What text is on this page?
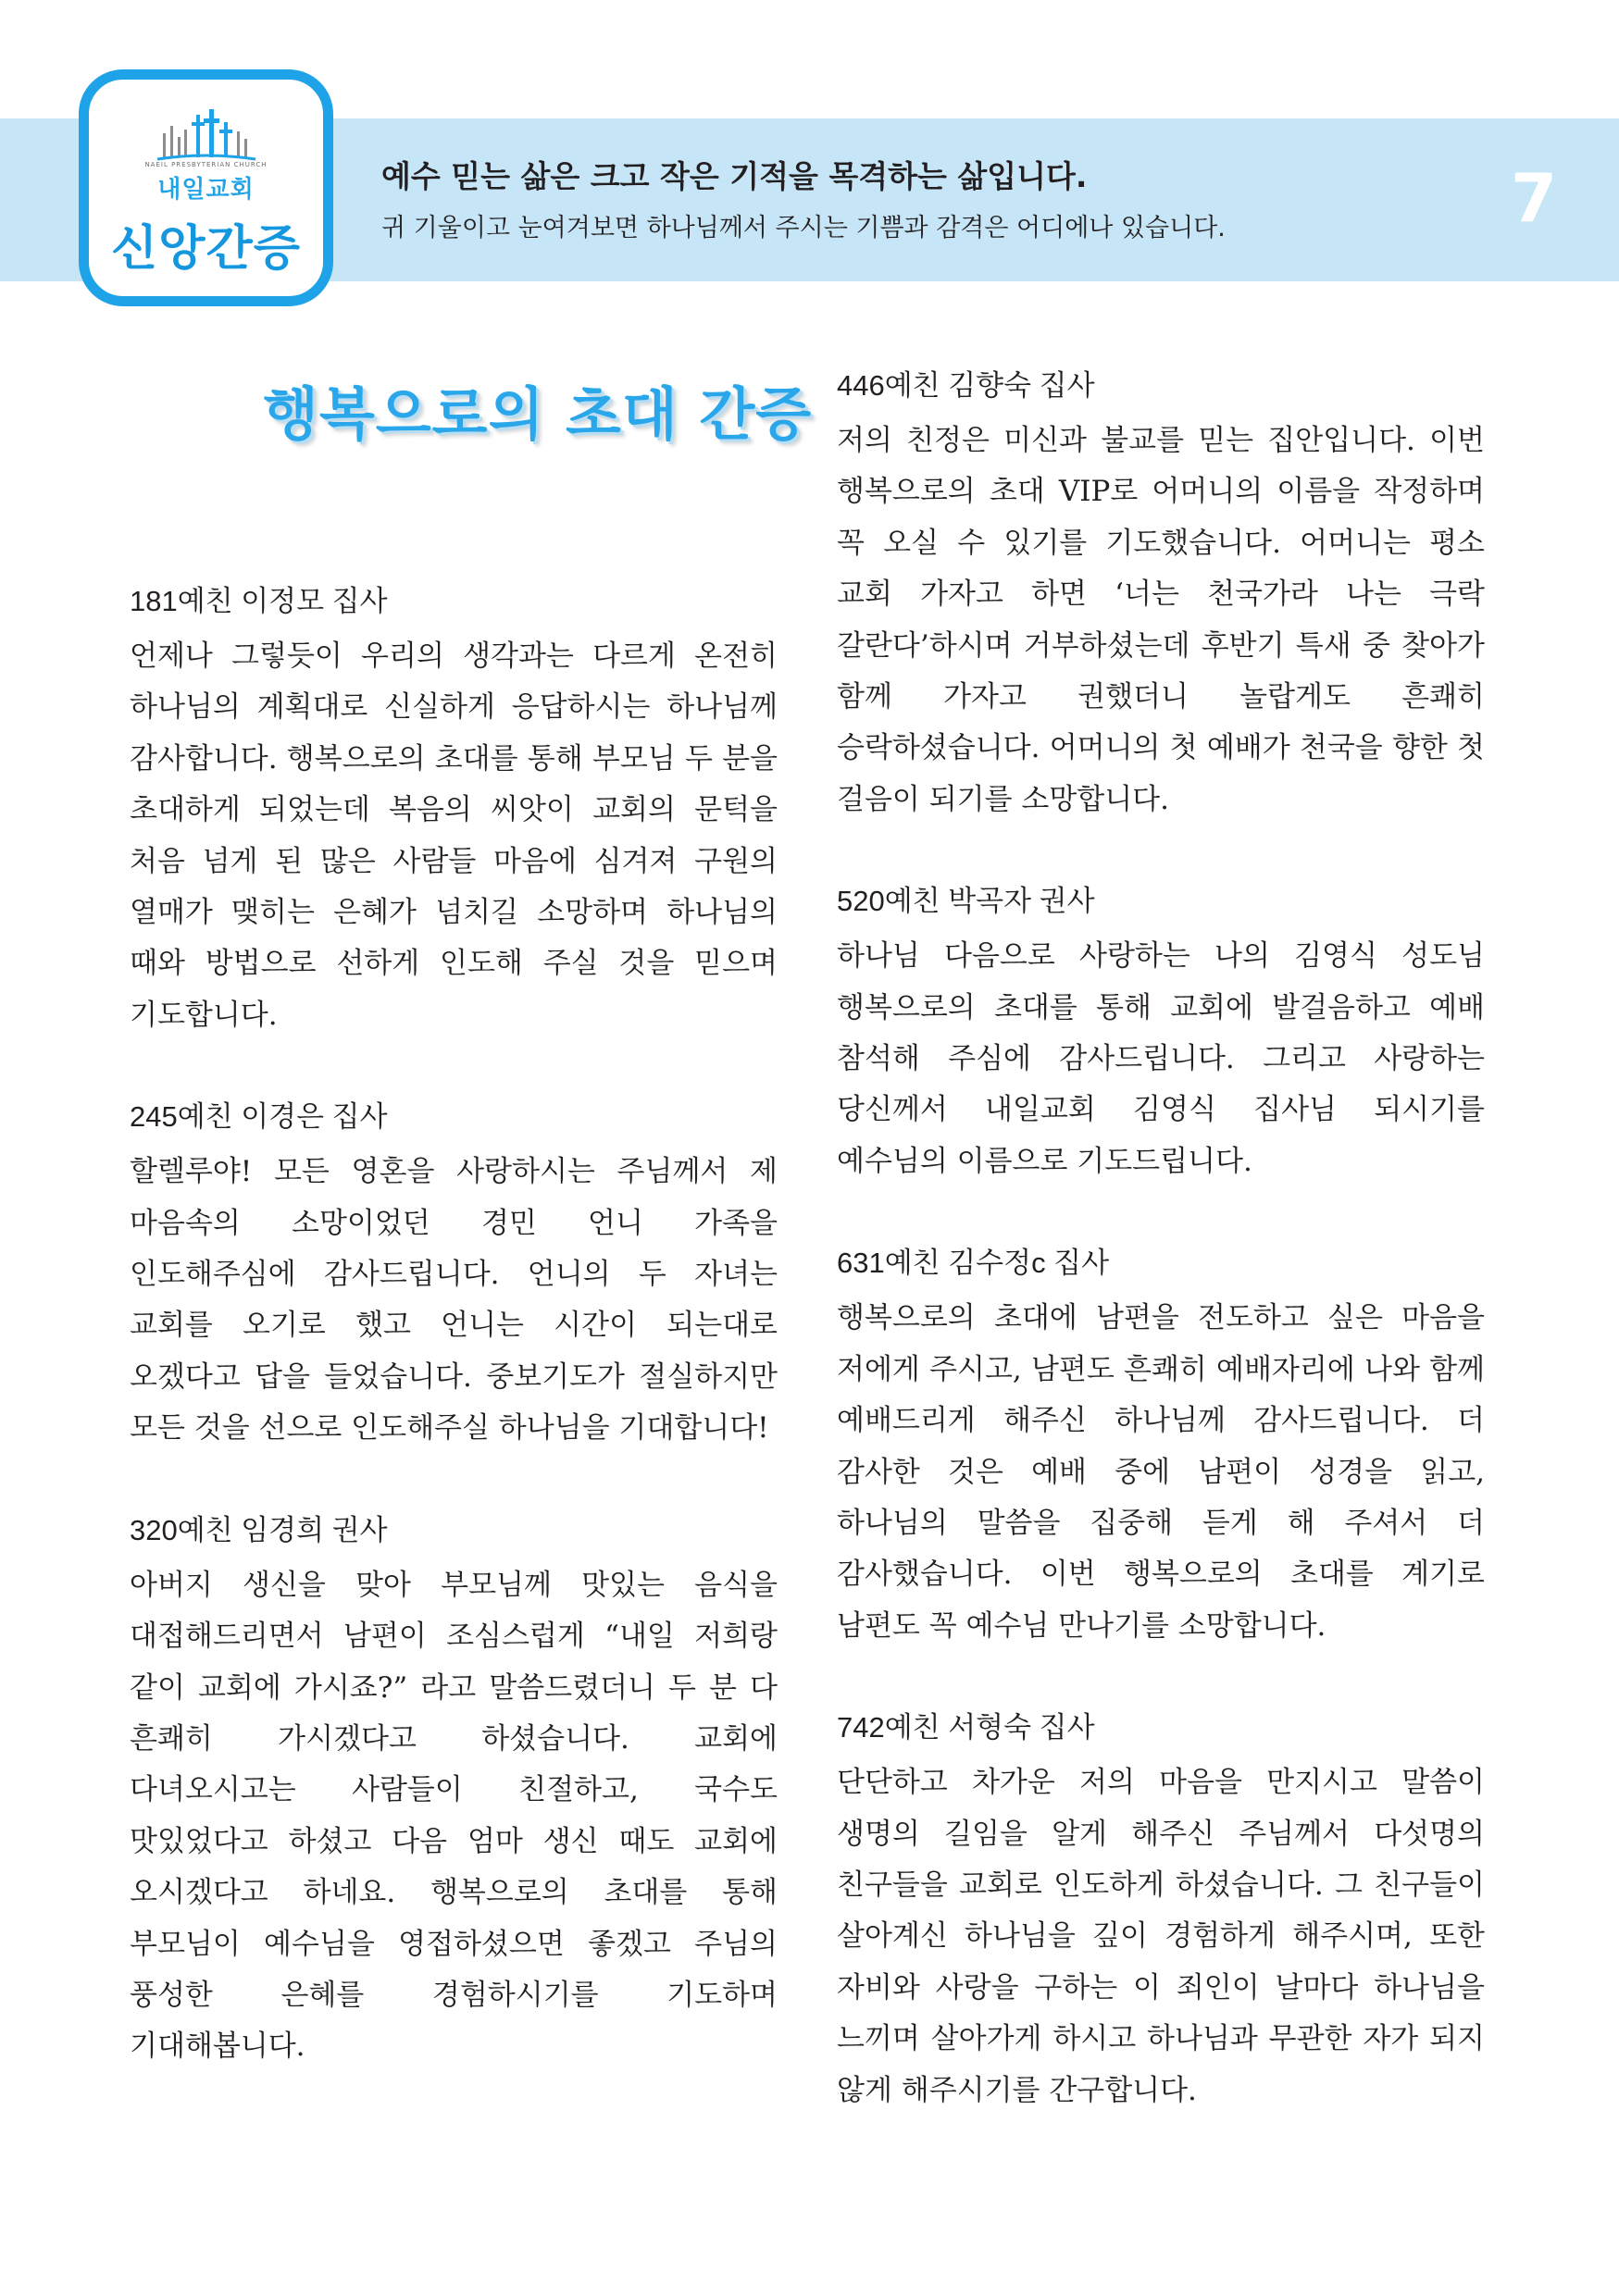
NAEIL PRESBYTERIAN CHURCH
내일교회
신앙간증
예수 믿는 삶은 크고 작은 기적을 목격하는 삶입니다.
귀 기울이고 눈여겨보면 하나님께서 주시는 기쁨과 감격은 어디에나 있습니다.	7
행복으로의 초대 간증
181예친 이정모 집사

언제나 그렇듯이 우리의 생각과는 다르게 온전히 하나님의 계획대로 신실하게 응답하시는 하나님께 감사합니다. 행복으로의 초대를 통해 부모님 두 분을 초대하게 되었는데 복음의 씨앗이 교회의 문턱을 처음 넘게 된 많은 사람들 마음에 심겨져 구원의 열매가 맺히는 은혜가 넘치길 소망하며 하나님의 때와 방법으로 선하게 인도해 주실 것을 믿으며 기도합니다.

245예친 이경은 집사

할렐루야! 모든 영혼을 사랑하시는 주님께서 제 마음속의 소망이었던 경민 언니 가족을 인도해주심에 감사드립니다. 언니의 두 자녀는 교회를 오기로 했고 언니는 시간이 되는대로 오겠다고 답을 들었습니다. 중보기도가 절실하지만 모든 것을 선으로 인도해주실 하나님을 기대합니다!

320예친 임경희 권사

아버지 생신을 맞아 부모님께 맛있는 음식을 대접해드리면서 남편이 조심스럽게 “내일 저희랑 같이 교회에 가시죠?” 라고 말씀드렸더니 두 분 다 흔쾌히 가시겠다고 하셨습니다. 교회에 다녀오시고는 사람들이 친절하고, 국수도 맛있었다고 하셨고 다음 엄마 생신 때도 교회에 오시겠다고 하네요. 행복으로의 초대를 통해 부모님이 예수님을 영접하셨으면 좋겠고 주님의 풍성한 은혜를 경험하시기를 기도하며 기대해봅니다.

446예친 김향숙 집사

저의 친정은 미신과 불교를 믿는 집안입니다. 이번 행복으로의 초대 VIP로 어머니의 이름을 작정하며 꼭 오실 수 있기를 기도했습니다. 어머니는 평소 교회 가자고 하면 ‘너는 천국가라 나는 극락 갈란다’하시며 거부하셨는데 후반기 특새 중 찾아가 함께 가자고 권했더니 놀랍게도 흔쾌히 승락하셨습니다. 어머니의 첫 예배가 천국을 향한 첫 걸음이 되기를 소망합니다.

520예친 박곡자 권사

하나님 다음으로 사랑하는 나의 김영식 성도님 행복으로의 초대를 통해 교회에 발걸음하고 예배 참석해 주심에 감사드립니다. 그리고 사랑하는 당신께서 내일교회 김영식 집사님 되시기를 예수님의 이름으로 기도드립니다.

631예친 김수정c 집사

행복으로의 초대에 남편을 전도하고 싶은 마음을 저에게 주시고, 남편도 흔쾌히 예배자리에 나와 함께 예배드리게 해주신 하나님께 감사드립니다. 더 감사한 것은 예배 중에 남편이 성경을 읽고, 하나님의 말씀을 집중해 듣게 해 주셔서 더 감사했습니다. 이번 행복으로의 초대를 계기로 남편도 꼭 예수님 만나기를 소망합니다.

742예친 서형숙 집사

단단하고 차가운 저의 마음을 만지시고 말씀이 생명의 길임을 알게 해주신 주님께서 다섯명의 친구들을 교회로 인도하게 하셨습니다. 그 친구들이 살아계신 하나님을 깊이 경험하게 해주시며, 또한 자비와 사랑을 구하는 이 죄인이 날마다 하나님을 느끼며 살아가게 하시고 하나님과 무관한 자가 되지 않게 해주시기를 간구합니다.
